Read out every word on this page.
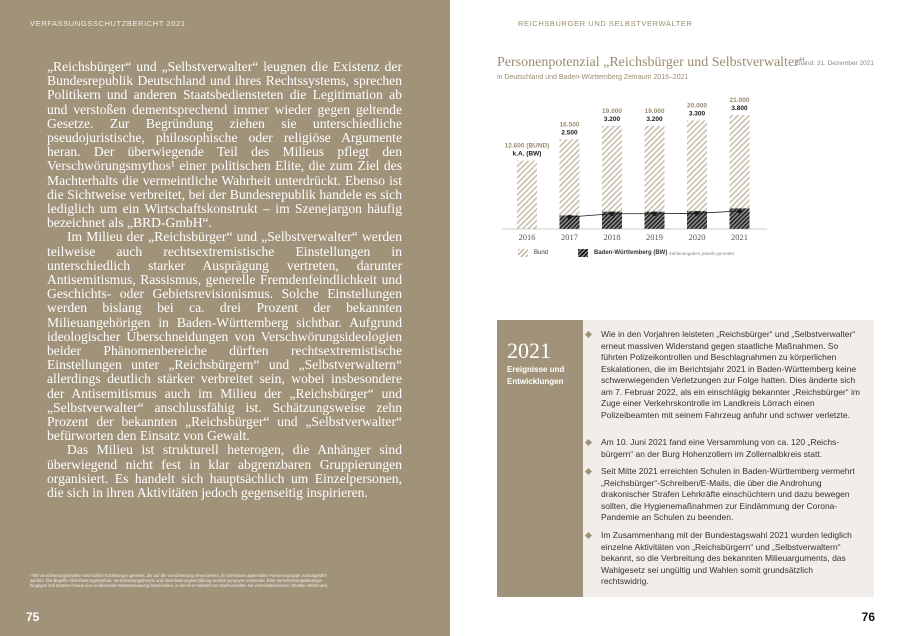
VERFASSUNGSSCHUTZBERICHT 2021

„Reichsbürger“ und „Selbstverwalter“ leugnen die Existenz der Bundesrepublik Deutschland und ihres Rechtssystems, sprechen Politikern und anderen Staatsbediensteten die Legitimation ab und verstoßen dementsprechend immer wieder gegen geltende Gesetze. Zur Begründung ziehen sie unterschiedliche pseudojuristische, philosophische oder religiöse Argumente heran. Der überwiegende Teil des Milieus pflegt den Verschwörungsmythos¹ einer politischen Elite, die zum Ziel des Machterhalts die vermeintliche Wahrheit unterdrückt. Ebenso ist die Sichtweise verbreitet, bei der Bundesrepublik handele es sich lediglich um ein Wirtschaftskonstrukt – im Szenejargon häufig bezeichnet als „BRD-GmbH“.

Im Milieu der „Reichsbürger“ und „Selbstverwalter“ werden teilweise auch rechtsextremistische Einstellungen in unterschiedlich starker Ausprägung vertreten, darunter Antisemitismus, Rassismus, generelle Fremdenfeindlichkeit und Geschichts- oder Gebietsrevisionismus. Solche Einstellungen werden bislang bei ca. drei Prozent der bekannten Milieuangehörigen in Baden-Württemberg sichtbar. Aufgrund ideologischer Überschneidungen von Verschwörungsideologien beider Phänomenbereiche dürften rechtsextremistische Einstellungen unter „Reichsbürgern“ und „Selbstverwaltern“ allerdings deutlich stärker verbreitet sein, wobei insbesondere der Antisemitismus auch im Milieu der „Reichsbürger“ und „Selbstverwalter“ anschlussfähig ist. Schätzungsweise zehn Prozent der bekannten „Reichsbürger“ und „Selbstverwalter“ befürworten den Einsatz von Gewalt.

Das Milieu ist strukturell heterogen, die Anhänger sind überwiegend nicht fest in klar abgrenzbaren Gruppierungen organisiert. Es handelt sich hauptsächlich um Einzelpersonen, die sich in ihren Aktivitäten jedoch gegenseitig inspirieren.

¹ Mit Verschwörungsmythen sind solche Erzählungen gemeint, die auf die Verschwörung einer kleinen, im Geheimen agierenden Personengruppe zurückgeführt werden. Die Begriffe Verschwörungsmythos, Verschwörungstheorie und Verschwörungserzählung werden synonym verwendet. Eine Verschwörungsideologie hingegen soll darüber hinaus eine umfassende Weltanschauung beschreiben, in der eine Vielzahl von Sachverhalten mit verschwörerischen Inhalten erklärt wird.
75
REICHSBÜRGER UND SELBSTVERWALTER
Personenpotenzial „Reichsbürger und Selbstverwalter“
in Deutschland und Baden-Württemberg Zeitraum 2016–2021
Stand: 31. Dezember 2021
12.600 (BUND)
k.A. (BW)
2016
16.500
2.500
2017
19.000
3.200
2018
19.000
3.200
2019
20.000
3.300
2020
21.000
3.800
2021
Bund	Baden-Württemberg (BW) Zahlenangaben jeweils gerundet
76
2021
Ereignisse und Entwicklungen
Wie in den Vorjahren leisteten „Reichsbürger“ und „Selbstverwalter“ erneut massiven Widerstand gegen staatliche Maßnahmen. So führten Polizeikontrollen und Beschlagnahmen zu körperlichen Eskalationen, die im Berichtsjahr 2021 in Baden-Württemberg keine schwerwiegenden Verletzungen zur Folge hatten. Dies änderte sich am 7. Februar 2022, als ein einschlägig bekannter „Reichsbürger“ im Zuge einer Verkehrskontrolle im Landkreis Lörrach einen Polizeibeamten mit seinem Fahrzeug anfuhr und schwer verletzte.
Am 10. Juni 2021 fand eine Versammlung von ca. 120 „Reichsbürgern“ an der Burg Hohenzollern im Zollernalbkreis statt.
Seit Mitte 2021 erreichten Schulen in Baden-Württemberg vermehrt „Reichsbürger“-Schreiben/E-Mails, die über die Androhung drakonischer Strafen Lehrkräfte einschüchtern und dazu bewegen sollten, die Hygienemaßnahmen zur Eindämmung der Corona-Pandemie an Schulen zu beenden.
Im Zusammenhang mit der Bundestagswahl 2021 wurden lediglich einzelne Aktivitäten von „Reichsbürgern“ und „Selbstverwaltern“ bekannt, so die Verbreitung des bekannten Milieuarguments, das Wahlgesetz sei ungültig und Wahlen somit grundsätzlich rechtswidrig.
